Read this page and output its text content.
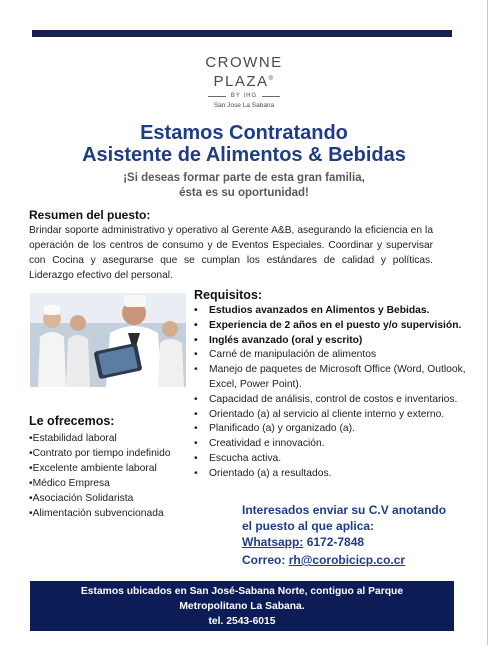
CROWNE
PLAZA®
BY IHG
San Jose La Sabana
Estamos Contratando
Asistente de Alimentos & Bebidas
¡Si deseas formar parte de esta gran familia,
ésta es su oportunidad!
Resumen del puesto:
Brindar soporte administrativo y operativo al Gerente A&B, asegurando la eficiencia en la operación de los centros de consumo y de Eventos Especiales. Coordinar y supervisar con Cocina y asegurarse que se cumplan los estándares de calidad y políticas. Liderazgo efectivo del personal.
Requisitos:
• Estudios avanzados en Alimentos y Bebidas.
• Experiencia de 2 años en el puesto y/o supervisión.
• Inglés avanzado (oral y escrito)
• Carné de manipulación de alimentos
• Manejo de paquetes de Microsoft Office (Word, Outlook, Excel, Power Point).
• Capacidad de análisis, control de costos e inventarios.
• Orientado (a) al servicio al cliente interno y externo.
• Planificado (a) y organizado (a).
• Creatividad e innovación.
• Escucha activa.
• Orientado (a) a resultados.
Le ofrecemos:
•Estabilidad laboral
•Contrato por tiempo indefinido
•Excelente ambiente laboral
•Médico Empresa
•Asociación Solidarista
•Alimentación subvencionada	Interesados enviar su C.V anotando
el puesto al que aplica:
Whatsapp: 6172-7848
Correo: rh@corobicicp.co.cr
Estamos ubicados en San José-Sabana Norte, contiguo al Parque
Metropolitano La Sabana.
tel. 2543-6015
